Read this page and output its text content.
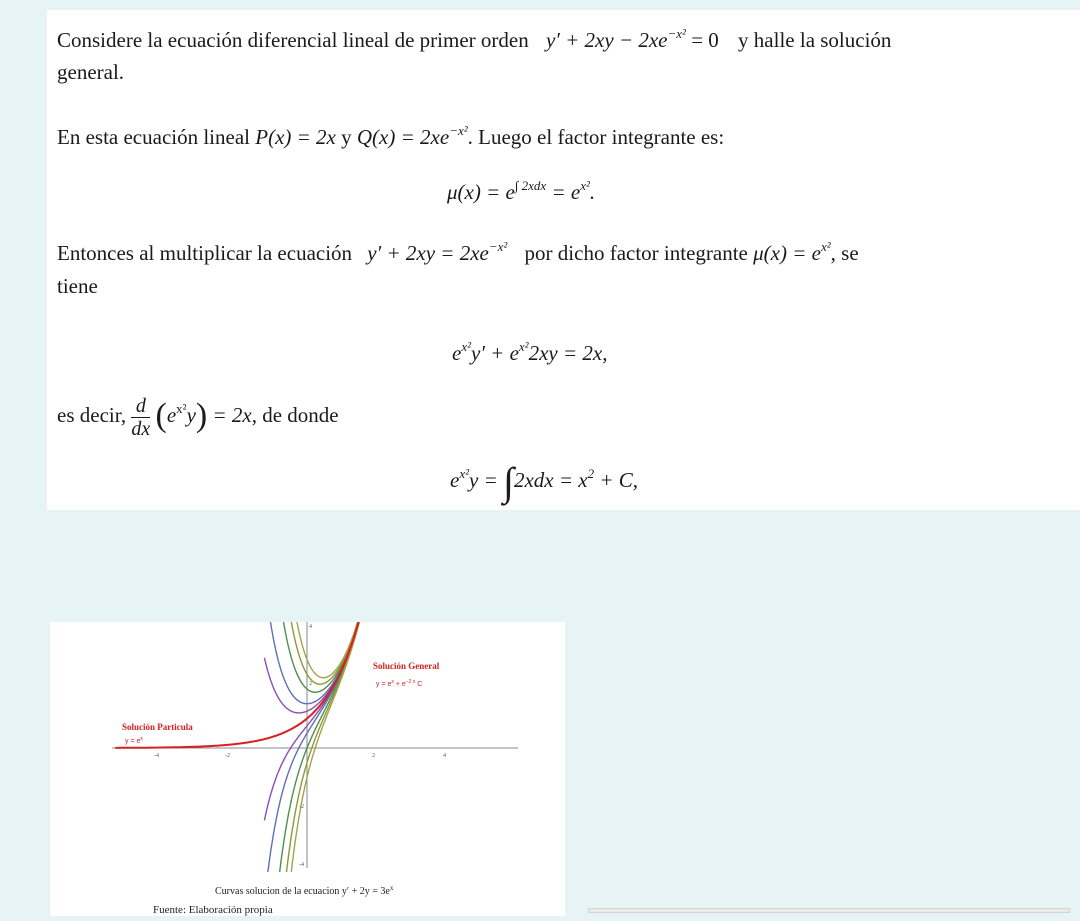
Considere la ecuación diferencial lineal de primer orden $y' + 2xy - 2xe^{-x^2} = 0$ y halle la solución
general.
En esta ecuación lineal P(x) = 2x y $Q(x) = 2xe^{-x^2}$. Luego el factor integrante es:
$\mu(x) = e^{\int 2xdx} = e^{x^2}$.
Entonces al multiplicar la ecuación $y' + 2xy = 2xe^{-x^2}$ por dicho factor integrante $\mu(x) = e^{x^2}$, se
tiene
$e^{x^2}y' + e^{x^2}2xy = 2x$,
es decir, $\frac{d}{dx} (e^{x^2}y) = 2x$, de donde
$e^{x^2}y = \int 2xdx = x^2 + C$,
-4	-2	2	4
4
2
-2
-4
Solución General
$y = e^x + e^{-2 x}$ C
Solución Particula
$y = e^x$
Curvas solucion de la ecuacion $y' + 2y = 3e^x$
Fuente: Elaboración propia
